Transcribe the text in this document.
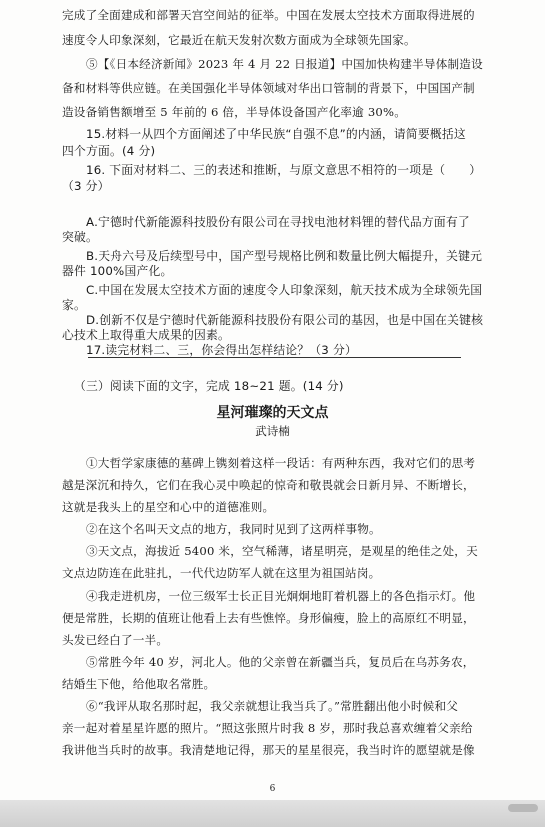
完成了全面建成和部署天宫空间站的征举。中国在发展太空技术方面取得进展的
速度令人印象深刻，它最近在航天发射次数方面成为全球领先国家。
⑤【《日本经济新闻》2023 年 4 月 22 日报道】中国加快构建半导体制造设
备和材料等供应链。在美国强化半导体领域对华出口管制的背景下，中国国产制
造设备销售额增至 5 年前的 6 倍，半导体设备国产化率逾 30%。
15.材料一从四个方面阐述了中华民族“自强不息”的内涵，请简要概括这
四个方面。(4 分)
16. 下面对材料二、三的表述和推断，与原文意思不相符的一项是（　　）
（3 分）
A.宁德时代新能源科技股份有限公司在寻找电池材料锂的替代品方面有了
突破。
B.天舟六号及后续型号中，国产型号规格比例和数量比例大幅提升，关键元
器件 100%国产化。
C.中国在发展太空技术方面的速度令人印象深刻，航天技术成为全球领先国
家。
D.创新不仅是宁德时代新能源科技股份有限公司的基因，也是中国在关键核
心技术上取得重大成果的因素。
17.读完材料二、三，你会得出怎样结论？（3 分）
（三）阅读下面的文字，完成 18~21 题。(14 分)
星河璀璨的天文点
武诗楠
①大哲学家康德的墓碑上镌刻着这样一段话：有两种东西，我对它们的思考
越是深沉和持久，它们在我心灵中唤起的惊奇和敬畏就会日新月异、不断增长，
这就是我头上的星空和心中的道德准则。
②在这个名叫天文点的地方，我同时见到了这两样事物。
③天文点，海拔近 5400 米，空气稀薄，诸星明亮，是观星的绝佳之处，天
文点边防连在此驻扎，一代代边防军人就在这里为祖国站岗。
④我走进机房，一位三级军士长正目光炯炯地盯着机器上的各色指示灯。他
便是常胜，长期的值班让他看上去有些憔悴。身形偏瘦，脸上的高原红不明显，
头发已经白了一半。
⑤常胜今年 40 岁，河北人。他的父亲曾在新疆当兵，复员后在乌苏务农，
结婚生下他，给他取名常胜。
⑥“我评从取名那时起，我父亲就想让我当兵了。”常胜翻出他小时候和父
亲一起对着星星许愿的照片。“照这张照片时我 8 岁，那时我总喜欢缠着父亲给
我讲他当兵时的故事。我清楚地记得，那天的星星很亮，我当时许的愿望就是像
6
